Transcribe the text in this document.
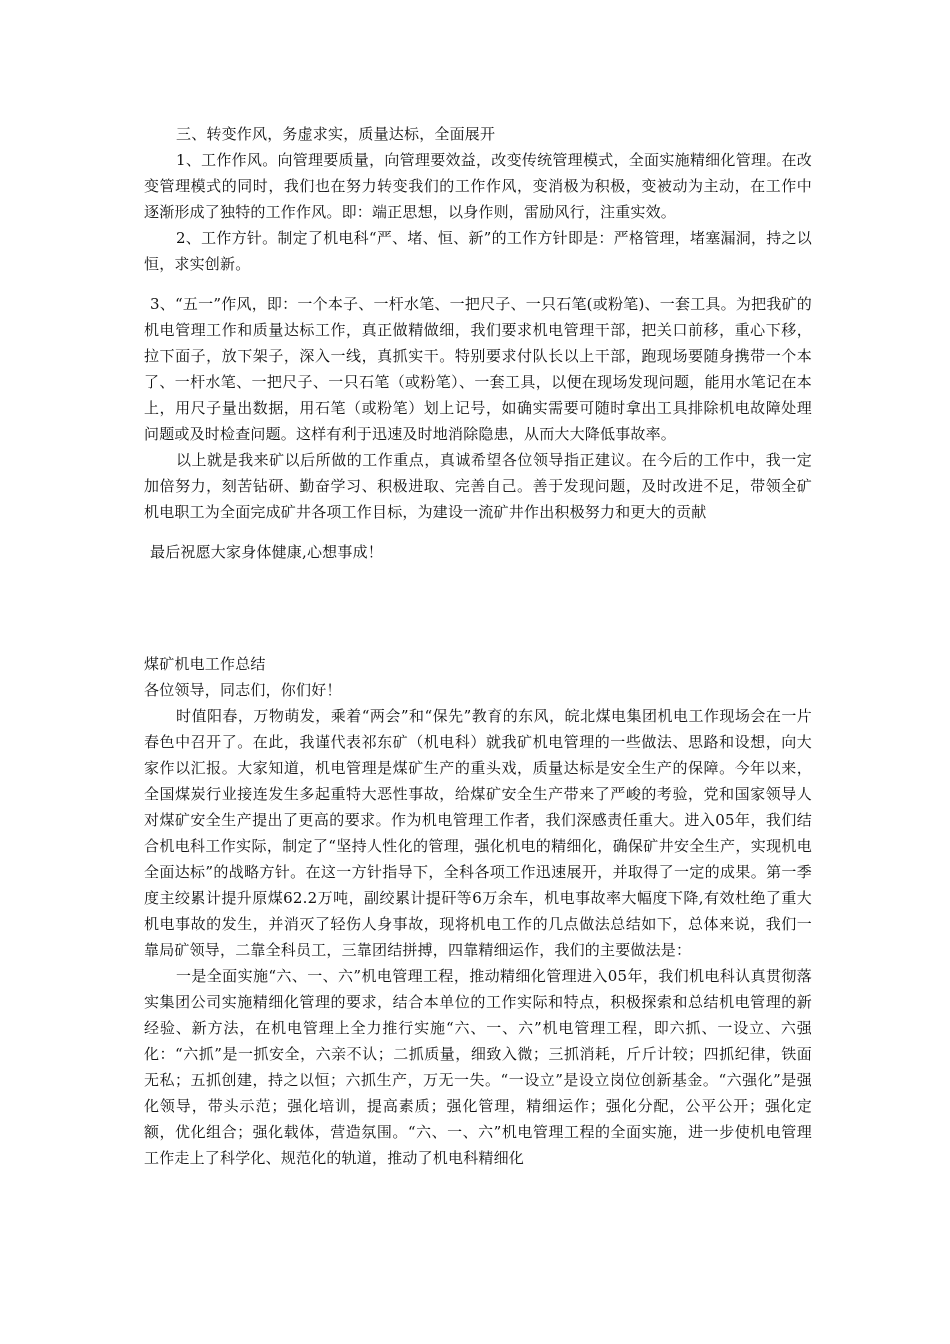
三、转变作风，务虚求实，质量达标，全面展开

1、工作作风。向管理要质量，向管理要效益，改变传统管理模式，全面实施精细化管理。在改变管理模式的同时，我们也在努力转变我们的工作作风，变消极为积极，变被动为主动，在工作中逐渐形成了独特的工作作风。即：端正思想，以身作则，雷励风行，注重实效。

2、工作方针。制定了机电科“严、堵、恒、新”的工作方针即是：严格管理，堵塞漏洞，持之以恒，求实创新。

3、“五一”作风，即：一个本子、一杆水笔、一把尺子、一只石笔(或粉笔)、一套工具。为把我矿的机电管理工作和质量达标工作，真正做精做细，我们要求机电管理干部，把关口前移，重心下移，拉下面子，放下架子，深入一线，真抓实干。特别要求付队长以上干部，跑现场要随身携带一个本了、一杆水笔、一把尺子、一只石笔（或粉笔）、一套工具，以便在现场发现问题，能用水笔记在本上，用尺子量出数据，用石笔（或粉笔）划上记号，如确实需要可随时拿出工具排除机电故障处理问题或及时检查问题。这样有利于迅速及时地消除隐患，从而大大降低事故率。

以上就是我来矿以后所做的工作重点，真诚希望各位领导指正建议。在今后的工作中，我一定加倍努力，刻苦钻研、勤奋学习、积极进取、完善自己。善于发现问题，及时改进不足，带领全矿机电职工为全面完成矿井各项工作目标，为建设一流矿井作出积极努力和更大的贡献

最后祝愿大家身体健康,心想事成！

煤矿机电工作总结

各位领导，同志们，你们好！

时值阳春，万物萌发，乘着“两会”和“保先”教育的东风，皖北煤电集团机电工作现场会在一片春色中召开了。在此，我谨代表祁东矿（机电科）就我矿机电管理的一些做法、思路和设想，向大家作以汇报。大家知道，机电管理是煤矿生产的重头戏，质量达标是安全生产的保障。今年以来，全国煤炭行业接连发生多起重特大恶性事故，给煤矿安全生产带来了严峻的考验，党和国家领导人对煤矿安全生产提出了更高的要求。作为机电管理工作者，我们深感责任重大。进入05年，我们结合机电科工作实际，制定了“坚持人性化的管理，强化机电的精细化，确保矿井安全生产，实现机电全面达标”的战略方针。在这一方针指导下，全科各项工作迅速展开，并取得了一定的成果。第一季度主绞累计提升原煤62.2万吨，副绞累计提矸等6万余车，机电事故率大幅度下降,有效杜绝了重大机电事故的发生，并消灭了轻伤人身事故，现将机电工作的几点做法总结如下，总体来说，我们一靠局矿领导，二靠全科员工，三靠团结拼搏，四靠精细运作，我们的主要做法是：

一是全面实施“六、一、六”机电管理工程，推动精细化管理进入05年，我们机电科认真贯彻落实集团公司实施精细化管理的要求，结合本单位的工作实际和特点，积极探索和总结机电管理的新经验、新方法，在机电管理上全力推行实施“六、一、六”机电管理工程，即六抓、一设立、六强化：“六抓”是一抓安全，六亲不认；二抓质量，细致入微；三抓消耗，斤斤计较；四抓纪律，铁面无私；五抓创建，持之以恒；六抓生产，万无一失。“一设立”是设立岗位创新基金。“六强化”是强化领导，带头示范；强化培训，提高素质；强化管理，精细运作；强化分配，公平公开；强化定额，优化组合；强化载体，营造氛围。“六、一、六”机电管理工程的全面实施，进一步使机电管理工作走上了科学化、规范化的轨道，推动了机电科精细化
